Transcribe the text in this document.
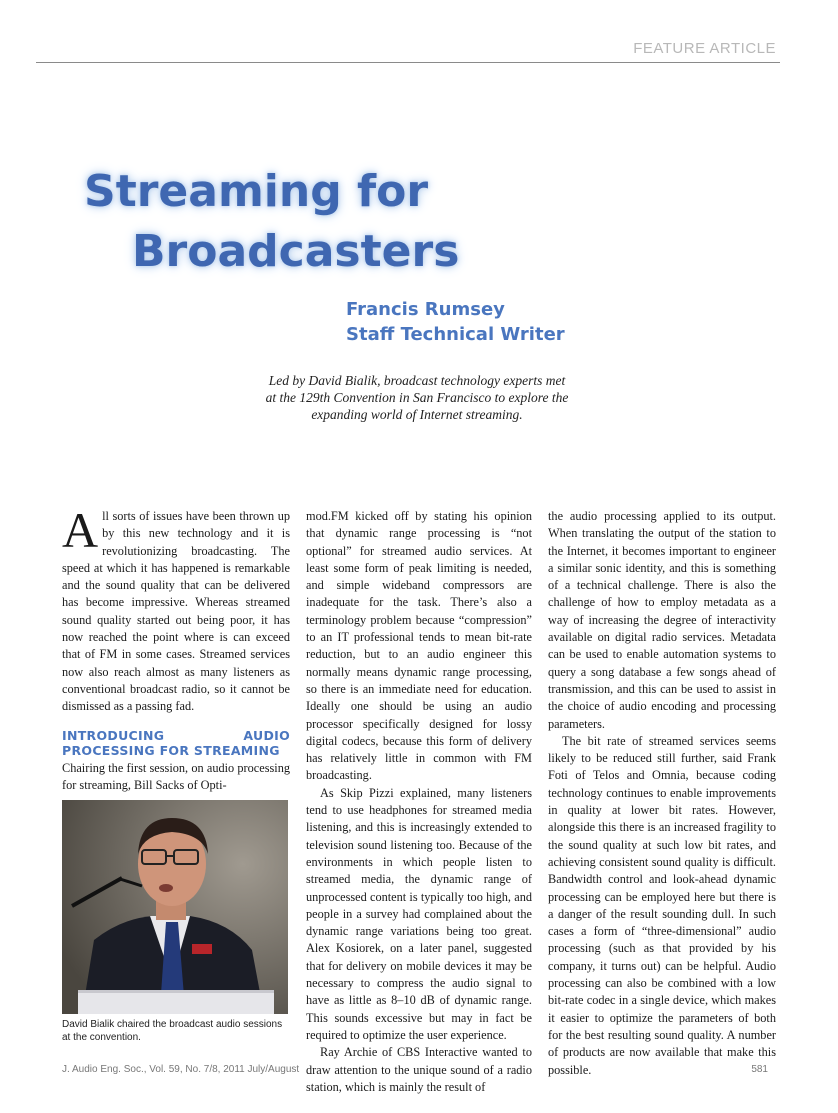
FEATURE ARTICLE
Streaming for
Broadcasters
Francis Rumsey
Staff Technical Writer
Led by David Bialik, broadcast technology experts met at the 129th Convention in San Francisco to explore the expanding world of Internet streaming.

All sorts of issues have been thrown up by this new technology and it is revolutionizing broadcasting. The speed at which it has happened is remarkable and the sound quality that can be delivered has become impressive. Whereas streamed sound quality started out being poor, it has now reached the point where is can exceed that of FM in some cases. Streamed services now also reach almost as many listeners as conventional broadcast radio, so it cannot be dismissed as a passing fad.

INTRODUCING AUDIO PROCESSING FOR STREAMING

Chairing the first session, on audio processing for streaming, Bill Sacks of Opti-

David Bialik chaired the broadcast audio sessions at the convention.

mod.FM kicked off by stating his opinion that dynamic range processing is “not optional” for streamed audio services. At least some form of peak limiting is needed, and simple wideband compressors are inadequate for the task. There’s also a terminology problem because “compression” to an IT professional tends to mean bit-rate reduction, but to an audio engineer this normally means dynamic range processing, so there is an immediate need for education. Ideally one should be using an audio processor specifically designed for lossy digital codecs, because this form of delivery has relatively little in common with FM broadcasting.

As Skip Pizzi explained, many listeners tend to use headphones for streamed media listening, and this is increasingly extended to television sound listening too. Because of the environments in which people listen to streamed media, the dynamic range of unprocessed content is typically too high, and people in a survey had complained about the dynamic range variations being too great. Alex Kosiorek, on a later panel, suggested that for delivery on mobile devices it may be necessary to compress the audio signal to have as little as 8–10 dB of dynamic range. This sounds excessive but may in fact be required to optimize the user experience.

Ray Archie of CBS Interactive wanted to draw attention to the unique sound of a radio station, which is mainly the result of

the audio processing applied to its output. When translating the output of the station to the Internet, it becomes important to engineer a similar sonic identity, and this is something of a technical challenge. There is also the challenge of how to employ metadata as a way of increasing the degree of interactivity available on digital radio services. Metadata can be used to enable automation systems to query a song database a few songs ahead of transmission, and this can be used to assist in the choice of audio encoding and processing parameters.

The bit rate of streamed services seems likely to be reduced still further, said Frank Foti of Telos and Omnia, because coding technology continues to enable improvements in quality at lower bit rates. However, alongside this there is an increased fragility to the sound quality at such low bit rates, and achieving consistent sound quality is difficult. Bandwidth control and look-ahead dynamic processing can be employed here but there is a danger of the result sounding dull. In such cases a form of “three-dimensional” audio processing (such as that provided by his company, it turns out) can be helpful. Audio processing can also be combined with a low bit-rate codec in a single device, which makes it easier to optimize the parameters of both for the best resulting sound quality. A number of products are now available that make this possible.

J. Audio Eng. Soc., Vol. 59, No. 7/8, 2011 July/August	581
